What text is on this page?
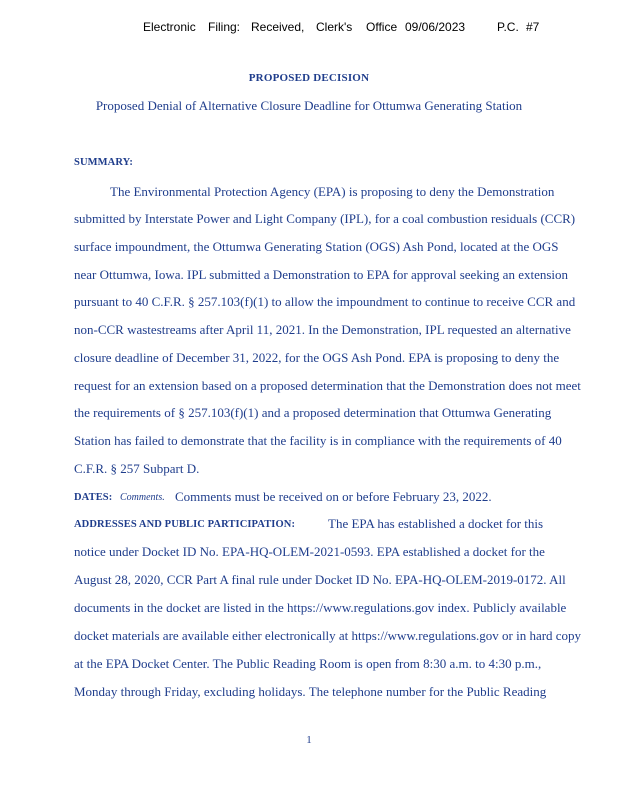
Electronic Filing: Received, Clerk's Office 09/06/2023	P.C. #7
PROPOSED DECISION
Proposed Denial of Alternative Closure Deadline for Ottumwa Generating Station
SUMMARY:
The Environmental Protection Agency (EPA) is proposing to deny the Demonstration
submitted by Interstate Power and Light Company (IPL), for a coal combustion residuals (CCR)
surface impoundment, the Ottumwa Generating Station (OGS) Ash Pond, located at the OGS
near Ottumwa, Iowa. IPL submitted a Demonstration to EPA for approval seeking an extension
pursuant to 40 C.F.R. § 257.103(f)(1) to allow the impoundment to continue to receive CCR and
non-CCR wastestreams after April 11, 2021. In the Demonstration, IPL requested an alternative
closure deadline of December 31, 2022, for the OGS Ash Pond. EPA is proposing to deny the
request for an extension based on a proposed determination that the Demonstration does not meet
the requirements of § 257.103(f)(1) and a proposed determination that Ottumwa Generating
Station has failed to demonstrate that the facility is in compliance with the requirements of 40
C.F.R. § 257 Subpart D.
DATES: Comments. Comments must be received on or before February 23, 2022.
ADDRESSES AND PUBLIC PARTICIPATION:	The EPA has established a docket for this
notice under Docket ID No. EPA-HQ-OLEM-2021-0593. EPA established a docket for the
August 28, 2020, CCR Part A final rule under Docket ID No. EPA-HQ-OLEM-2019-0172. All
documents in the docket are listed in the https://www.regulations.gov index. Publicly available
docket materials are available either electronically at https://www.regulations.gov or in hard copy
at the EPA Docket Center. The Public Reading Room is open from 8:30 a.m. to 4:30 p.m.,
Monday through Friday, excluding holidays. The telephone number for the Public Reading
1
